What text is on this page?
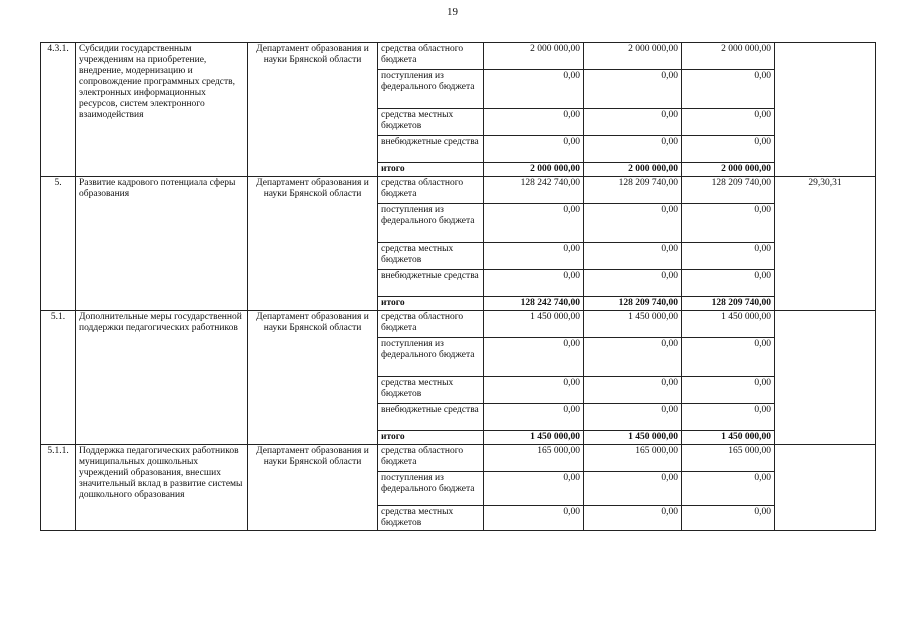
19
4.3.1.	Субсидии государственным учреждениям на приобретение, внедрение, модернизацию и сопровождение программных средств, электронных информационных ресурсов, систем электронного взаимодействия	Департамент образования и науки Брянской области	средства областного бюджета	2 000 000,00	2 000 000,00	2 000 000,00	
			поступления из федерального бюджета	0,00	0,00	0,00	
			средства местных бюджетов	0,00	0,00	0,00	
			внебюджетные средства	0,00	0,00	0,00	
			итого	2 000 000,00	2 000 000,00	2 000 000,00	
5.	Развитие кадрового потенциала сферы образования	Департамент образования и науки Брянской области	средства областного бюджета	128 242 740,00	128 209 740,00	128 209 740,00	29,30,31
			поступления из федерального бюджета	0,00	0,00	0,00	
			средства местных бюджетов	0,00	0,00	0,00	
			внебюджетные средства	0,00	0,00	0,00	
			итого	128 242 740,00	128 209 740,00	128 209 740,00	
5.1.	Дополнительные меры государственной поддержки педагогических работников	Департамент образования и науки Брянской области	средства областного бюджета	1 450 000,00	1 450 000,00	1 450 000,00	
			поступления из федерального бюджета	0,00	0,00	0,00	
			средства местных бюджетов	0,00	0,00	0,00	
			внебюджетные средства	0,00	0,00	0,00	
			итого	1 450 000,00	1 450 000,00	1 450 000,00	
5.1.1.	Поддержка педагогических работников муниципальных дошкольных учреждений образования, внесших значительный вклад в развитие системы дошкольного образования	Департамент образования и науки Брянской области	средства областного бюджета	165 000,00	165 000,00	165 000,00	
			поступления из федерального бюджета	0,00	0,00	0,00	
			средства местных бюджетов	0,00	0,00	0,00	
